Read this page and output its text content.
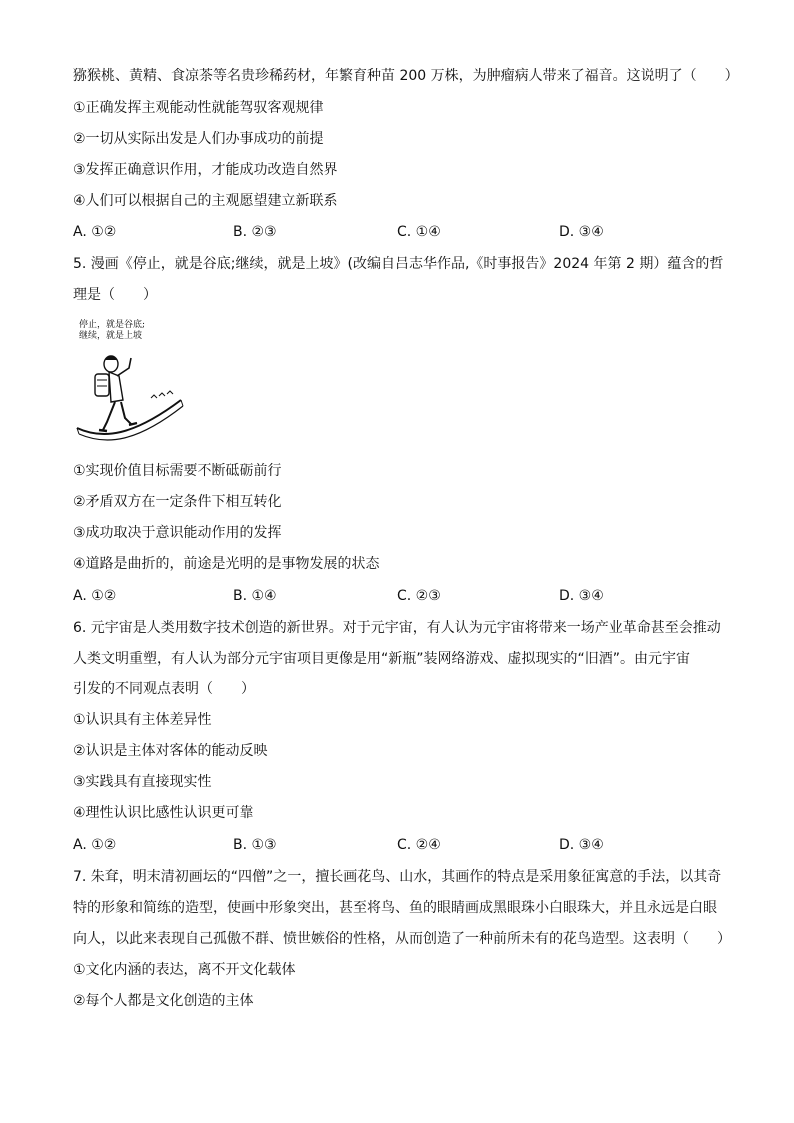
猕猴桃、黄精、食凉茶等名贵珍稀药材，年繁育种苗 200 万株，为肿瘤病人带来了福音。这说明了（　　）
①正确发挥主观能动性就能驾驭客观规律
②一切从实际出发是人们办事成功的前提
③发挥正确意识作用，才能成功改造自然界
④人们可以根据自己的主观愿望建立新联系
A. ①②	B. ②③	C. ①④	D. ③④
5. 漫画《停止，就是谷底;继续，就是上坡》(改编自吕志华作品,《时事报告》2024 年第 2 期）蕴含的哲
理是（　　）
停止，就是谷底;
继续，就是上坡
①实现价值目标需要不断砥砺前行
②矛盾双方在一定条件下相互转化
③成功取决于意识能动作用的发挥
④道路是曲折的，前途是光明的是事物发展的状态
A. ①②	B. ①④	C. ②③	D. ③④
6. 元宇宙是人类用数字技术创造的新世界。对于元宇宙，有人认为元宇宙将带来一场产业革命甚至会推动
人类文明重塑，有人认为部分元宇宙项目更像是用“新瓶”装网络游戏、虚拟现实的“旧酒”。由元宇宙
引发的不同观点表明（　　）
①认识具有主体差异性
②认识是主体对客体的能动反映
③实践具有直接现实性
④理性认识比感性认识更可靠
A. ①②	B. ①③	C. ②④	D. ③④
7. 朱耷，明末清初画坛的“四僧”之一，擅长画花鸟、山水，其画作的特点是采用象征寓意的手法，以其奇
特的形象和简练的造型，使画中形象突出，甚至将鸟、鱼的眼睛画成黑眼珠小白眼珠大，并且永远是白眼
向人，以此来表现自己孤傲不群、愤世嫉俗的性格，从而创造了一种前所未有的花鸟造型。这表明（　　）
①文化内涵的表达，离不开文化载体
②每个人都是文化创造的主体
